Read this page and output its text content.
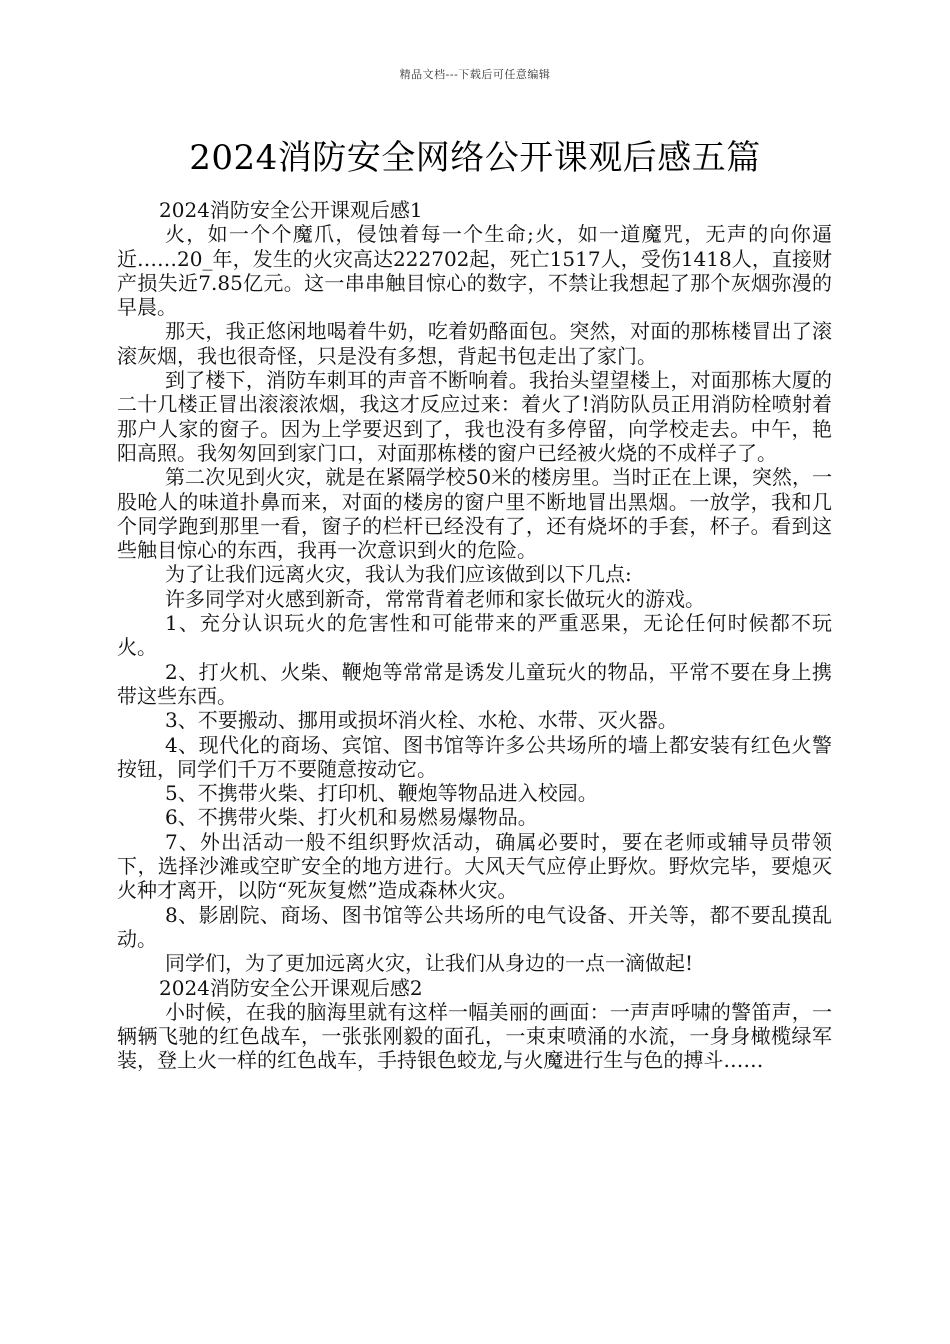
精品文档---下载后可任意编辑
2024消防安全网络公开课观后感五篇

2024消防安全公开课观后感1

火，如一个个魔爪，侵蚀着每一个生命;火，如一道魔咒，无声的向你逼近……20_年，发生的火灾高达222702起，死亡1517人，受伤1418人，直接财产损失近7.85亿元。这一串串触目惊心的数字，不禁让我想起了那个灰烟弥漫的早晨。

那天，我正悠闲地喝着牛奶，吃着奶酪面包。突然，对面的那栋楼冒出了滚滚灰烟，我也很奇怪，只是没有多想，背起书包走出了家门。

到了楼下，消防车刺耳的声音不断响着。我抬头望望楼上，对面那栋大厦的二十几楼正冒出滚滚浓烟，我这才反应过来：着火了!消防队员正用消防栓喷射着那户人家的窗子。因为上学要迟到了，我也没有多停留，向学校走去。中午，艳阳高照。我匆匆回到家门口，对面那栋楼的窗户已经被火烧的不成样子了。

第二次见到火灾，就是在紧隔学校50米的楼房里。当时正在上课，突然，一股呛人的味道扑鼻而来，对面的楼房的窗户里不断地冒出黑烟。一放学，我和几个同学跑到那里一看，窗子的栏杆已经没有了，还有烧坏的手套，杯子。看到这些触目惊心的东西，我再一次意识到火的危险。

为了让我们远离火灾，我认为我们应该做到以下几点:

许多同学对火感到新奇，常常背着老师和家长做玩火的游戏。

1、充分认识玩火的危害性和可能带来的严重恶果，无论任何时候都不玩火。

2、打火机、火柴、鞭炮等常常是诱发儿童玩火的物品，平常不要在身上携带这些东西。

3、不要搬动、挪用或损坏消火栓、水枪、水带、灭火器。

4、现代化的商场、宾馆、图书馆等许多公共场所的墙上都安装有红色火警按钮，同学们千万不要随意按动它。

5、不携带火柴、打印机、鞭炮等物品进入校园。

6、不携带火柴、打火机和易燃易爆物品。

7、外出活动一般不组织野炊活动，确属必要时，要在老师或辅导员带领下，选择沙滩或空旷安全的地方进行。大风天气应停止野炊。野炊完毕，要熄灭火种才离开，以防“死灰复燃”造成森林火灾。

8、影剧院、商场、图书馆等公共场所的电气设备、开关等，都不要乱摸乱动。

同学们，为了更加远离火灾，让我们从身边的一点一滴做起!

2024消防安全公开课观后感2

小时候，在我的脑海里就有这样一幅美丽的画面：一声声呼啸的警笛声，一辆辆飞驰的红色战车，一张张刚毅的面孔，一束束喷涌的水流，一身身橄榄绿军装，登上火一样的红色战车，手持银色蛟龙,与火魔进行生与色的搏斗……
